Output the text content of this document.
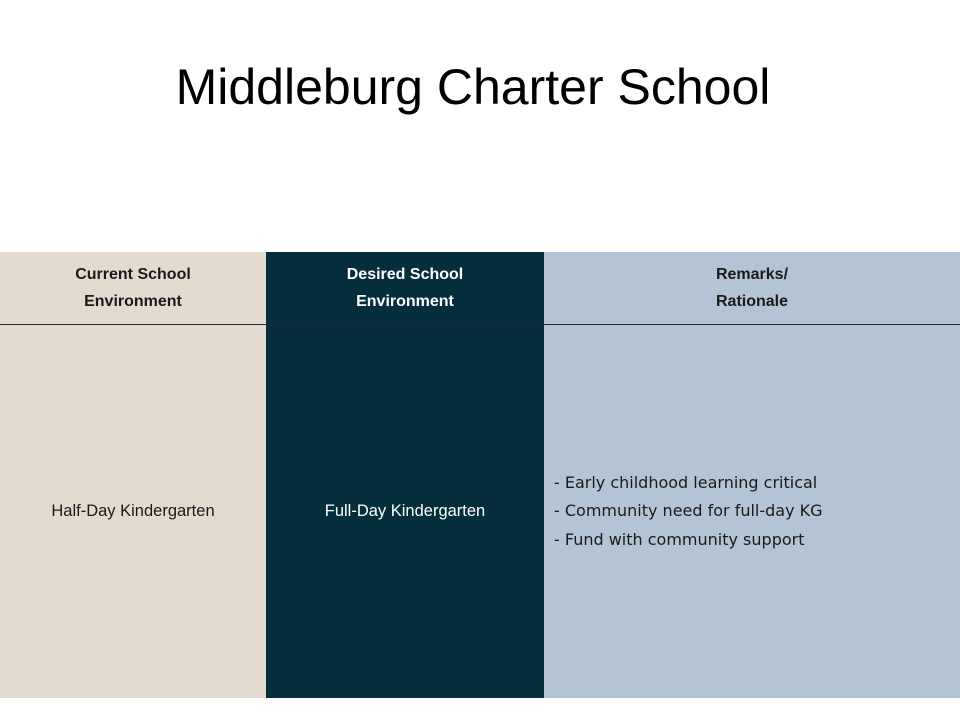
Middleburg Charter School
Current School
Environment
Half-Day Kindergarten
Desired School
Environment
Full-Day Kindergarten
Remarks/
Rationale
- Early childhood learning critical
- Community need for full-day KG
- Fund with community support
